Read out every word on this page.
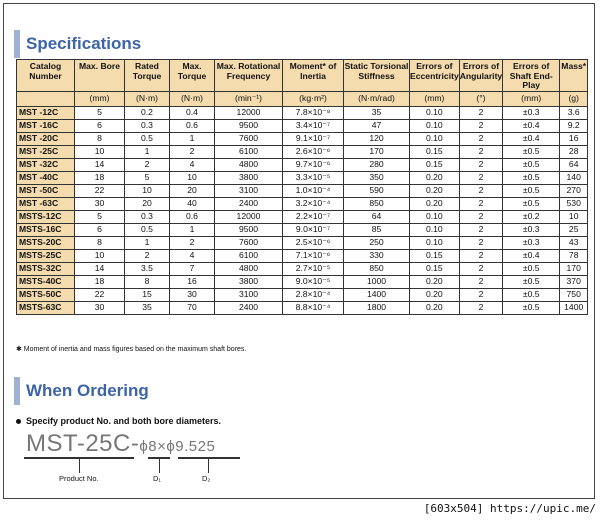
Specifications
Catalog Number	Max. Bore	Rated Torque	Max. Torque	Max. Rotational Frequency	Moment* of Inertia	Static Torsional Stiffness	Errors of Eccentricity	Errors of Angularity	Errors of Shaft End-Play	Mass*
	(mm)	(N·m)	(N·m)	(min⁻¹)	(kg·m²)	(N·m/rad)	(mm)	(°)	(mm)	(g)
MST -12C	5	0.2	0.4	12000	7.8×10⁻⁸	35	0.10	2	±0.3	3.6
MST -16C	6	0.3	0.6	9500	3.4×10⁻⁷	47	0.10	2	±0.4	9.2
MST -20C	8	0.5	1	7600	9.1×10⁻⁷	120	0.10	2	±0.4	16
MST -25C	10	1	2	6100	2.6×10⁻⁶	170	0.15	2	±0.5	28
MST -32C	14	2	4	4800	9.7×10⁻⁶	280	0.15	2	±0.5	64
MST -40C	18	5	10	3800	3.3×10⁻⁵	350	0.20	2	±0.5	140
MST -50C	22	10	20	3100	1.0×10⁻⁴	590	0.20	2	±0.5	270
MST -63C	30	20	40	2400	3.2×10⁻⁴	850	0.20	2	±0.5	530
MSTS-12C	5	0.3	0.6	12000	2.2×10⁻⁷	64	0.10	2	±0.2	10
MSTS-16C	6	0.5	1	9500	9.0×10⁻⁷	85	0.10	2	±0.3	25
MSTS-20C	8	1	2	7600	2.5×10⁻⁶	250	0.10	2	±0.3	43
MSTS-25C	10	2	4	6100	7.1×10⁻⁶	330	0.15	2	±0.4	78
MSTS-32C	14	3.5	7	4800	2.7×10⁻⁵	850	0.15	2	±0.5	170
MSTS-40C	18	8	16	3800	9.0×10⁻⁵	1000	0.20	2	±0.5	370
MSTS-50C	22	15	30	3100	2.8×10⁻⁴	1400	0.20	2	±0.5	750
MSTS-63C	30	35	70	2400	8.8×10⁻⁴	1800	0.20	2	±0.5	1400
✱ Moment of inertia and mass figures based on the maximum shaft bores.
When Ordering
Specify product No. and both bore diameters.
MST-25C-ϕ8×ϕ9.525
Product No.	D₁	D₂
[603x504] https://upic.me/
